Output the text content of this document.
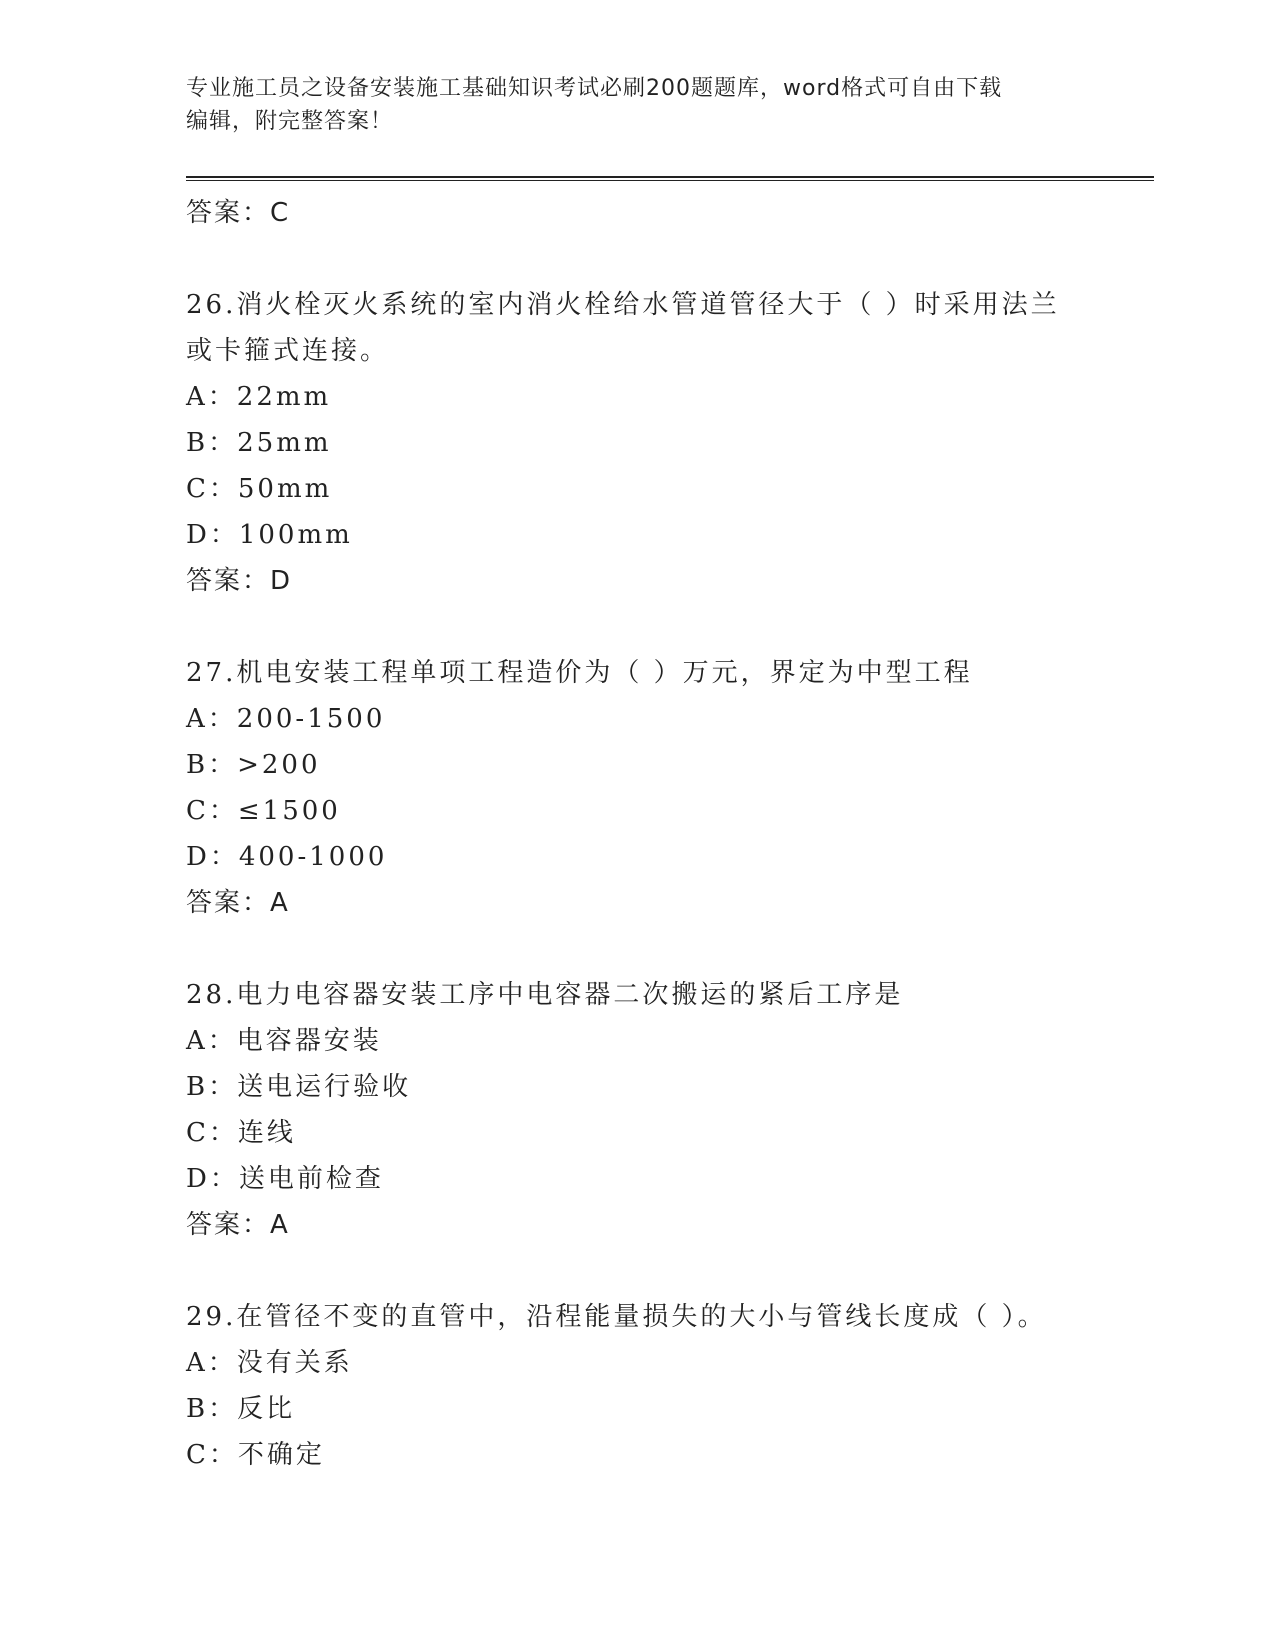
专业施工员之设备安装施工基础知识考试必刷200题题库，word格式可自由下载
编辑，附完整答案！
答案：C
26.消火栓灭火系统的室内消火栓给水管道管径大于（ ）时采用法兰
或卡箍式连接。
A：22mm
B：25mm
C：50mm
D：100mm
答案：D
27.机电安装工程单项工程造价为（ ）万元，界定为中型工程
A：200-1500
B：>200
C：≤1500
D：400-1000
答案：A
28.电力电容器安装工序中电容器二次搬运的紧后工序是
A：电容器安装
B：送电运行验收
C：连线
D：送电前检查
答案：A
29.在管径不变的直管中，沿程能量损失的大小与管线长度成（ ）。
A：没有关系
B：反比
C：不确定
